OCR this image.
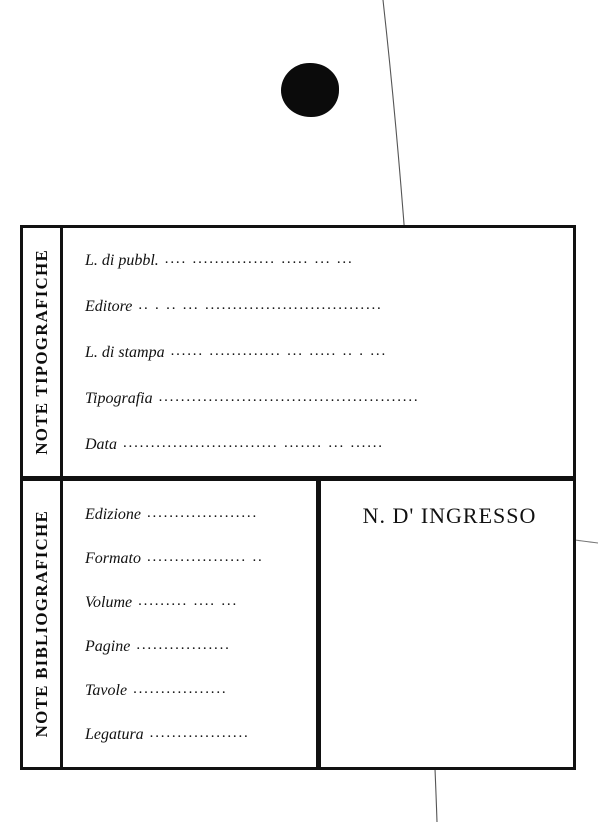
NOTE TIPOGRAFICHE L. di pubbl. .... ............... ..... ... ...
Editore .. . .. ... ................................
L. di stampa ...... ............. ... ..... .. . ...
Tipografia ...............................................
Data ............................ ....... ... ......
NOTE BIBLIOGRAFICHE Edizione ....................
Formato .................. ..
Volume ......... .... ...
Pagine .................
Tavole .................
Legatura ..................
N. D' INGRESSO
